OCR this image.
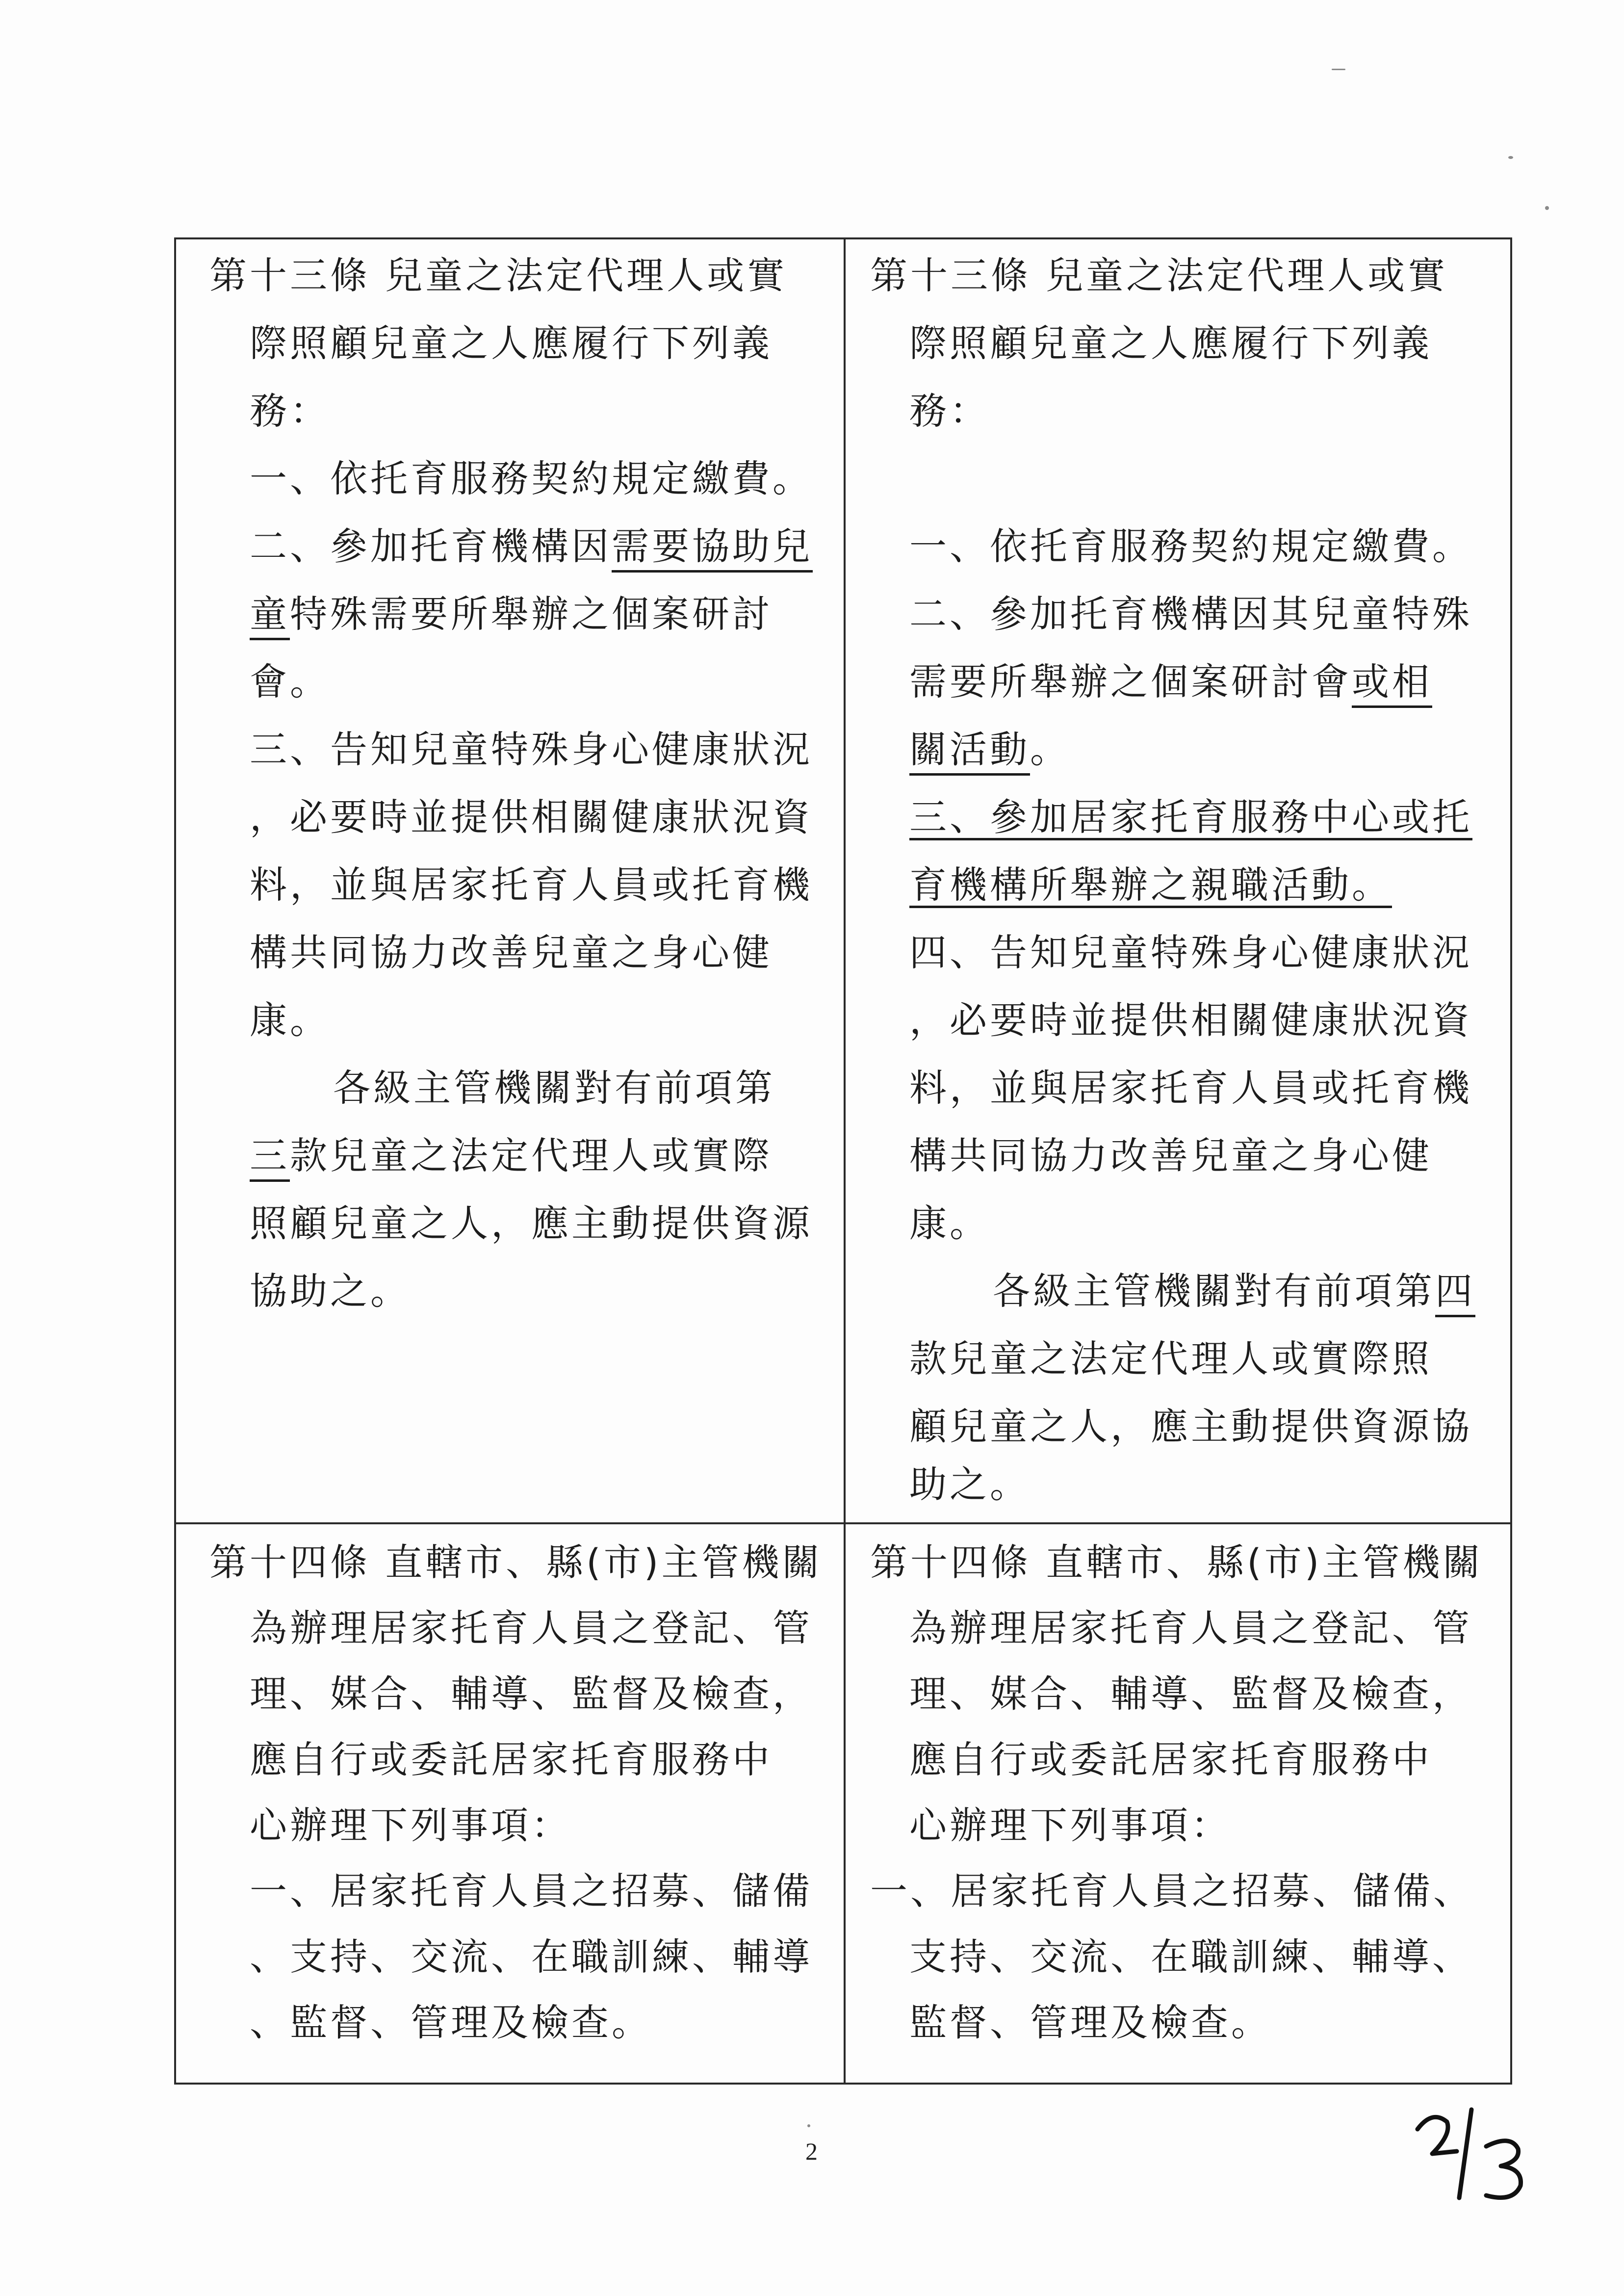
第十三條 兒童之法定代理人或實
際照顧兒童之人應履行下列義
務：
一、依托育服務契約規定繳費。
二、參加托育機構因需要協助兒
童特殊需要所舉辦之個案研討
會。
三、告知兒童特殊身心健康狀況
，必要時並提供相關健康狀況資
料，並與居家托育人員或托育機
構共同協力改善兒童之身心健
康。
各級主管機關對有前項第
三款兒童之法定代理人或實際
照顧兒童之人，應主動提供資源
協助之。
第十三條 兒童之法定代理人或實
際照顧兒童之人應履行下列義
務：
一、依托育服務契約規定繳費。
二、參加托育機構因其兒童特殊
需要所舉辦之個案研討會或相
關活動。
三、參加居家托育服務中心或托
育機構所舉辦之親職活動。
四、告知兒童特殊身心健康狀況
，必要時並提供相關健康狀況資
料，並與居家托育人員或托育機
構共同協力改善兒童之身心健
康。
各級主管機關對有前項第四
款兒童之法定代理人或實際照
顧兒童之人，應主動提供資源協
助之。
第十四條 直轄市、縣(市)主管機關
為辦理居家托育人員之登記、管
理、媒合、輔導、監督及檢查，
應自行或委託居家托育服務中
心辦理下列事項：
一、居家托育人員之招募、儲備
、支持、交流、在職訓練、輔導
、監督、管理及檢查。
第十四條 直轄市、縣(市)主管機關
為辦理居家托育人員之登記、管
理、媒合、輔導、監督及檢查，
應自行或委託居家托育服務中
心辦理下列事項：
一、居家托育人員之招募、儲備、
支持、交流、在職訓練、輔導、
監督、管理及檢查。
2
